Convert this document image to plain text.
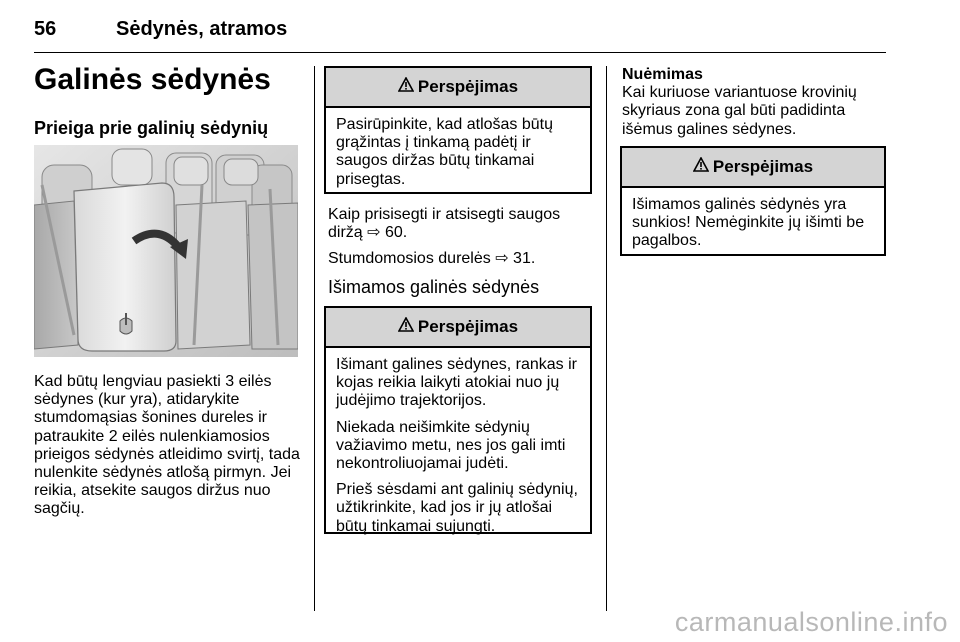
56	Sėdynės, atramos
Galinės sėdynės
Prieiga prie galinių sėdynių
Kad būtų lengviau pasiekti 3 eilės sėdynes (kur yra), atidarykite stumdomąsias šonines dureles ir patraukite 2 eilės nulenkiamosios prieigos sėdynės atleidimo svirtį, tada nulenkite sėdynės atlošą pirmyn. Jei reikia, atsekite saugos diržus nuo sagčių.
Perspėjimas
Pasirūpinkite, kad atlošas būtų grąžintas į tinkamą padėtį ir saugos diržas būtų tinkamai prisegtas.

Kaip prisisegti ir atsisegti saugos diržą ⇨ 60.

Stumdomosios durelės ⇨ 31.

Išimamos galinės sėdynės
Perspėjimas

Išimant galines sėdynes, rankas ir kojas reikia laikyti atokiai nuo jų judėjimo trajektorijos.

Niekada neišimkite sėdynių važiavimo metu, nes jos gali imti nekontroliuojamai judėti.

Prieš sėsdami ant galinių sėdynių, užtikrinkite, kad jos ir jų atlošai būtų tinkamai sujungti.

Nuėmimas

Kai kuriuose variantuose krovinių skyriaus zona gal būti padidinta išėmus galines sėdynes.

Perspėjimas
Išimamos galinės sėdynės yra sunkios! Nemėginkite jų išimti be pagalbos.
carmanualsonline.info
